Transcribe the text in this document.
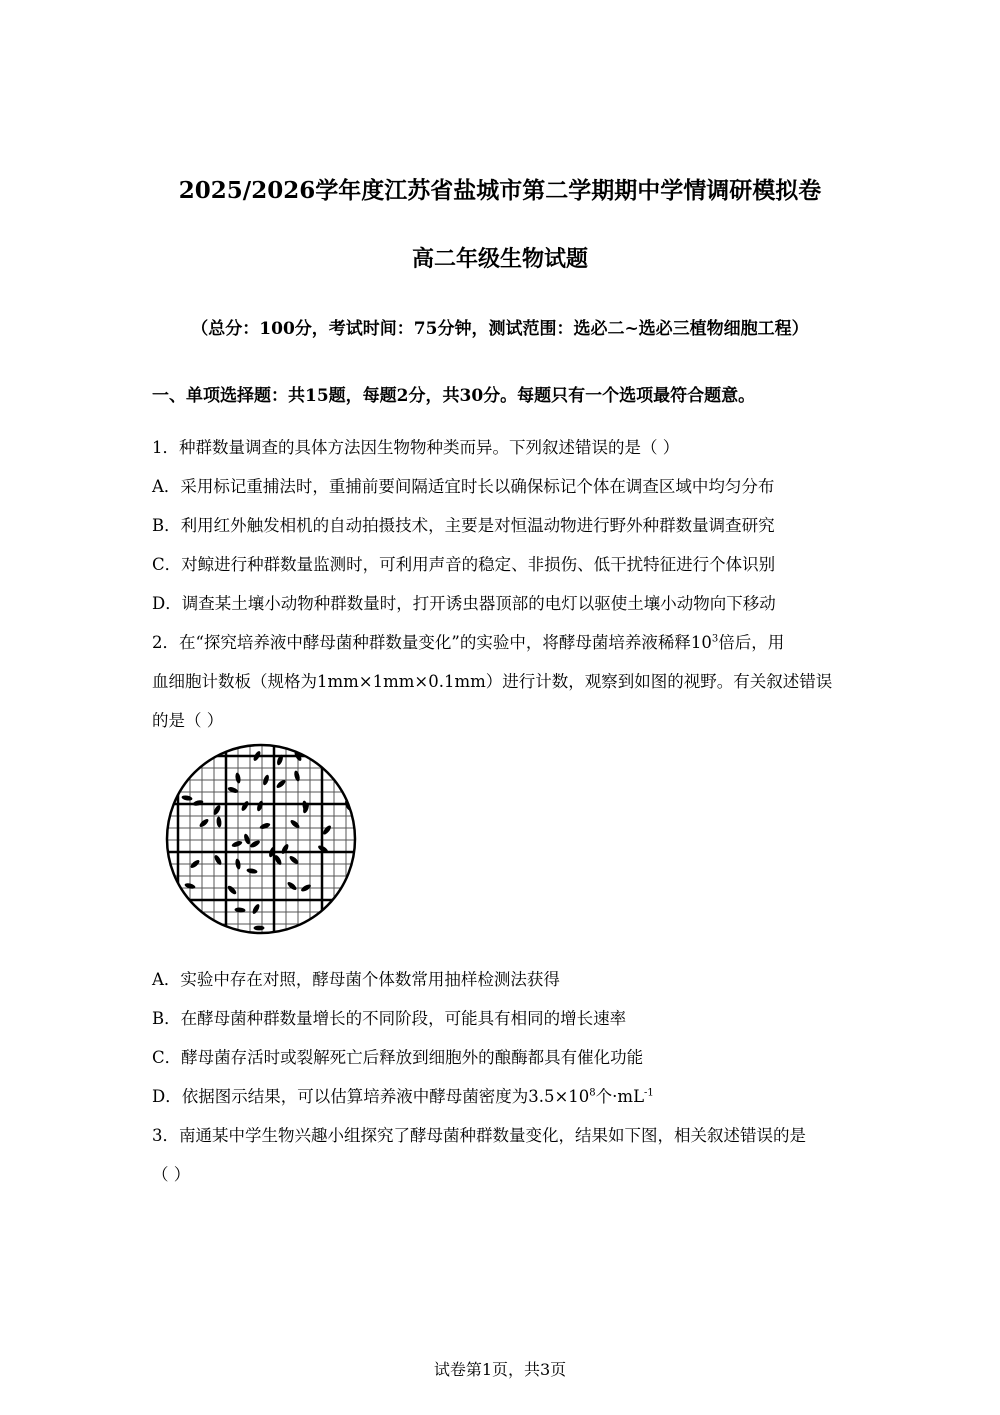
2025/2026学年度江苏省盐城市第二学期期中学情调研模拟卷
高二年级生物试题
（总分：100分，考试时间：75分钟，测试范围：选必二~选必三植物细胞工程）
一、单项选择题：共15题，每题2分，共30分。每题只有一个选项最符合题意。
1．种群数量调查的具体方法因生物物种类而异。下列叙述错误的是（ ）
A．采用标记重捕法时，重捕前要间隔适宜时长以确保标记个体在调查区域中均匀分布
B．利用红外触发相机的自动拍摄技术，主要是对恒温动物进行野外种群数量调查研究
C．对鲸进行种群数量监测时，可利用声音的稳定、非损伤、低干扰特征进行个体识别
D．调查某土壤小动物种群数量时，打开诱虫器顶部的电灯以驱使土壤小动物向下移动
2．在“探究培养液中酵母菌种群数量变化”的实验中，将酵母菌培养液稀释$10^3$倍后，用
血细胞计数板（规格为1mm×1mm×0.1mm）进行计数，观察到如图的视野。有关叙述错误
的是（ ）
A．实验中存在对照，酵母菌个体数常用抽样检测法获得
B．在酵母菌种群数量增长的不同阶段，可能具有相同的增长速率
C．酵母菌存活时或裂解死亡后释放到细胞外的酿酶都具有催化功能
D．依据图示结果，可以估算培养液中酵母菌密度为$3.5\times 10^8$个$\cdot mL^{-1}$
3．南通某中学生物兴趣小组探究了酵母菌种群数量变化，结果如下图，相关叙述错误的是
（ ）
试卷第1页，共3页
